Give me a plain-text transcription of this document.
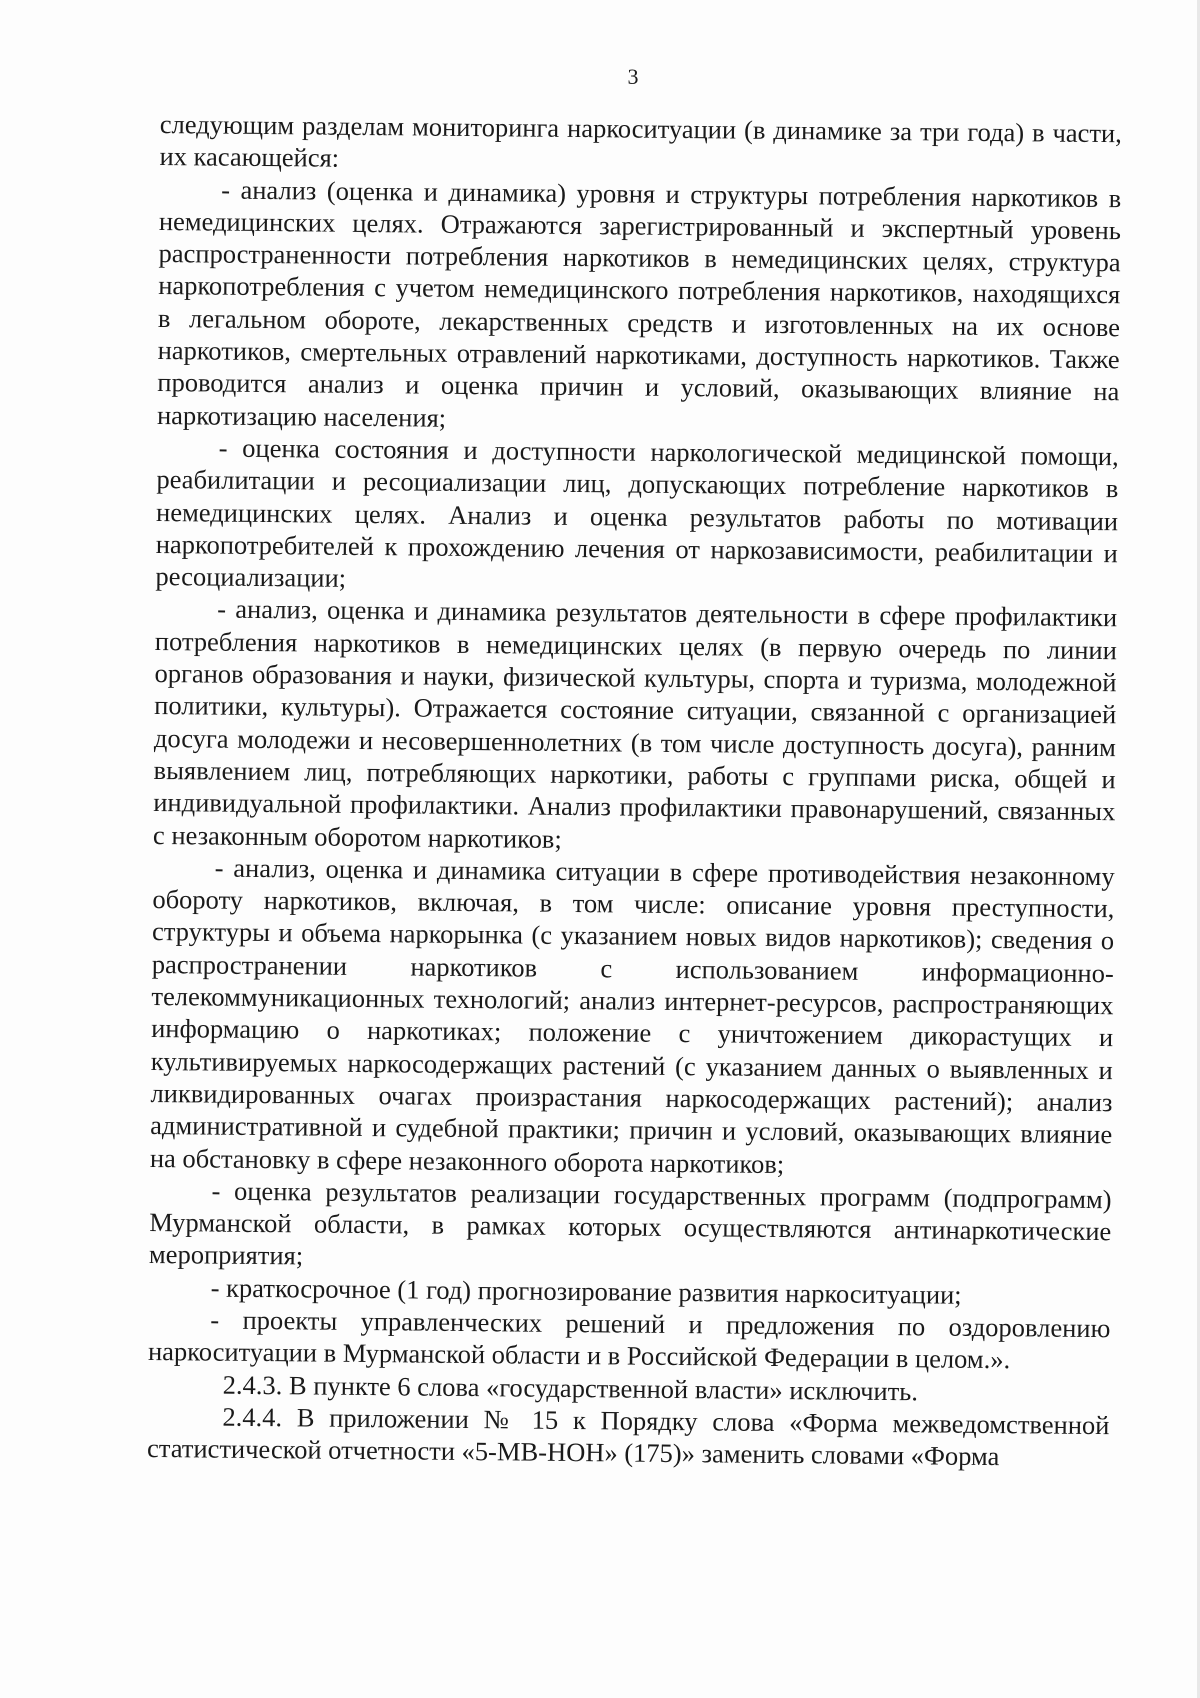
3

следующим разделам мониторинга наркоситуации (в динамике за три года) в части, их касающейся:

- анализ (оценка и динамика) уровня и структуры потребления наркотиков в немедицинских целях. Отражаются зарегистрированный и экспертный уровень распространенности потребления наркотиков в немедицинских целях, структура наркопотребления с учетом немедицинского потребления наркотиков, находящихся в легальном обороте, лекарственных средств и изготовленных на их основе наркотиков, смертельных отравлений наркотиками, доступность наркотиков. Также проводится анализ и оценка причин и условий, оказывающих влияние на наркотизацию населения;

- оценка состояния и доступности наркологической медицинской помощи, реабилитации и ресоциализации лиц, допускающих потребление наркотиков в немедицинских целях. Анализ и оценка результатов работы по мотивации наркопотребителей к прохождению лечения от наркозависимости, реабилитации и ресоциализации;

- анализ, оценка и динамика результатов деятельности в сфере профилактики потребления наркотиков в немедицинских целях (в первую очередь по линии органов образования и науки, физической культуры, спорта и туризма, молодежной политики, культуры). Отражается состояние ситуации, связанной с организацией досуга молодежи и несовершеннолетних (в том числе доступность досуга), ранним выявлением лиц, потребляющих наркотики, работы с группами риска, общей и индивидуальной профилактики. Анализ профилактики правонарушений, связанных с незаконным оборотом наркотиков;

- анализ, оценка и динамика ситуации в сфере противодействия незаконному обороту наркотиков, включая, в том числе: описание уровня преступности, структуры и объема наркорынка (с указанием новых видов наркотиков); сведения о распространении наркотиков с использованием информационно-телекоммуникационных технологий; анализ интернет-ресурсов, распространяющих информацию о наркотиках; положение с уничтожением дикорастущих и культивируемых наркосодержащих растений (с указанием данных о выявленных и ликвидированных очагах произрастания наркосодержащих растений); анализ административной и судебной практики; причин и условий, оказывающих влияние на обстановку в сфере незаконного оборота наркотиков;

- оценка результатов реализации государственных программ (подпрограмм) Мурманской области, в рамках которых осуществляются антинаркотические мероприятия;

- краткосрочное (1 год) прогнозирование развития наркоситуации;

- проекты управленческих решений и предложения по оздоровлению наркоситуации в Мурманской области и в Российской Федерации в целом.».

2.4.3. В пункте 6 слова «государственной власти» исключить.

2.4.4. В приложении № 15 к Порядку слова «Форма межведомственной статистической отчетности «5-МВ-НОН» (175)» заменить словами «Форма
